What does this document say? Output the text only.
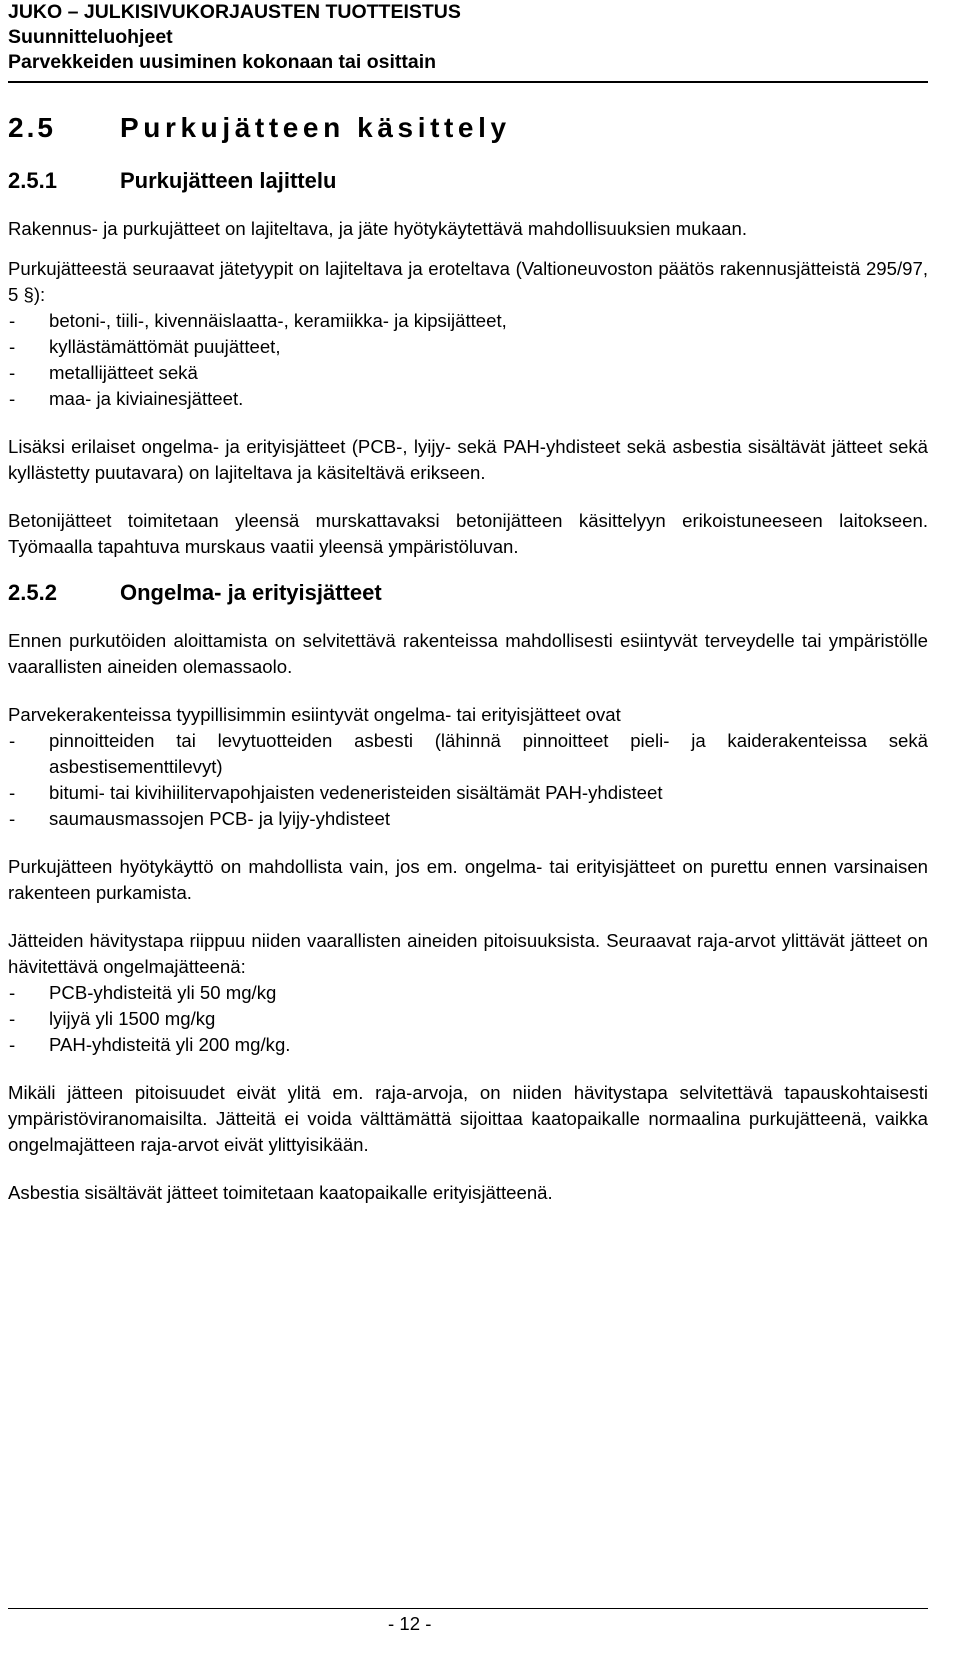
JUKO – JULKISIVUKORJAUSTEN TUOTTEISTUS
Suunnitteluohjeet
Parvekkeiden uusiminen kokonaan tai osittain
2.5	Purkujätteen käsittely
2.5.1	Purkujätteen lajittelu

Rakennus- ja purkujätteet on lajiteltava, ja jäte hyötykäytettävä mahdollisuuksien mukaan.

Purkujätteestä seuraavat jätetyypit on lajiteltava ja eroteltava (Valtioneuvoston päätös rakennusjätteistä 295/97, 5 §):

-	betoni-, tiili-, kivennäislaatta-, keramiikka- ja kipsijätteet,
-	kyllästämättömät puujätteet,
-	metallijätteet sekä
-	maa- ja kiviainesjätteet.

Lisäksi erilaiset ongelma- ja erityisjätteet (PCB-, lyijy- sekä PAH-yhdisteet sekä asbestia sisältävät jätteet sekä kyllästetty puutavara) on lajiteltava ja käsiteltävä erikseen.

Betonijätteet toimitetaan yleensä murskattavaksi betonijätteen käsittelyyn erikoistuneeseen laitokseen. Työmaalla tapahtuva murskaus vaatii yleensä ympäristöluvan.

2.5.2	Ongelma- ja erityisjätteet

Ennen purkutöiden aloittamista on selvitettävä rakenteissa mahdollisesti esiintyvät terveydelle tai ympäristölle vaarallisten aineiden olemassaolo.

Parvekerakenteissa tyypillisimmin esiintyvät ongelma- tai erityisjätteet ovat

-	pinnoitteiden tai levytuotteiden asbesti (lähinnä pinnoitteet pieli- ja kaiderakenteissa sekä asbestisementtilevyt)
-	bitumi- tai kivihiilitervapohjaisten vedeneristeiden sisältämät PAH-yhdisteet
-	saumausmassojen PCB- ja lyijy-yhdisteet

Purkujätteen hyötykäyttö on mahdollista vain, jos em. ongelma- tai erityisjätteet on purettu ennen varsinaisen rakenteen purkamista.

Jätteiden hävitystapa riippuu niiden vaarallisten aineiden pitoisuuksista. Seuraavat raja-arvot ylittävät jätteet on hävitettävä ongelmajätteenä:

-	PCB-yhdisteitä yli 50 mg/kg
-	lyijyä yli 1500 mg/kg
-	PAH-yhdisteitä yli 200 mg/kg.

Mikäli jätteen pitoisuudet eivät ylitä em. raja-arvoja, on niiden hävitystapa selvitettävä tapauskohtaisesti ympäristöviranomaisilta. Jätteitä ei voida välttämättä sijoittaa kaatopaikalle normaalina purkujätteenä, vaikka ongelmajätteen raja-arvot eivät ylittyisikään.

Asbestia sisältävät jätteet toimitetaan kaatopaikalle erityisjätteenä.

- 12 -
